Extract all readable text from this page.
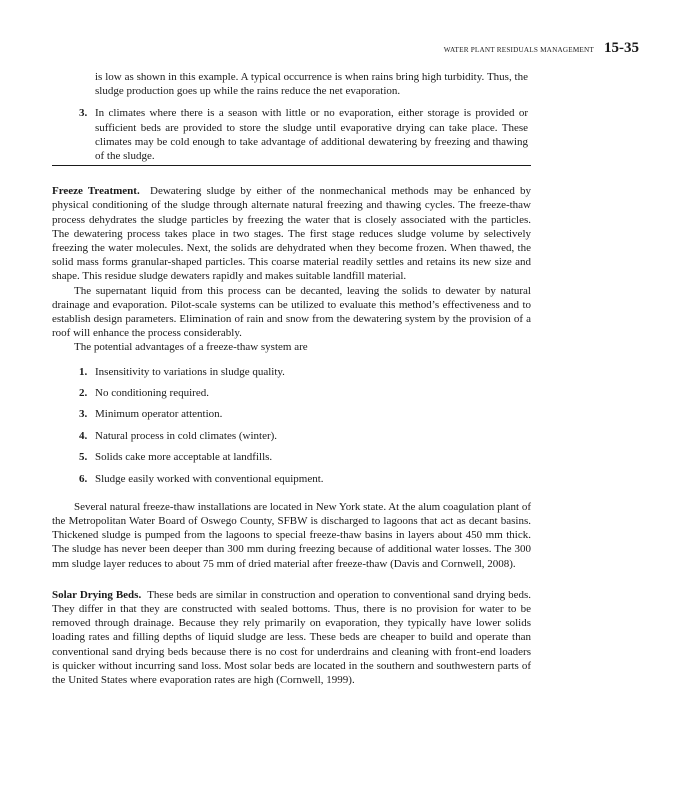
WATER PLANT RESIDUALS MANAGEMENT 15-35

is low as shown in this example. A typical occurrence is when rains bring high turbidity. Thus, the sludge production goes up while the rains reduce the net evaporation.

3. In climates where there is a season with little or no evaporation, either storage is provided or sufficient beds are provided to store the sludge until evaporative drying can take place. These climates may be cold enough to take advantage of additional dewatering by freezing and thawing of the sludge.

Freeze Treatment. Dewatering sludge by either of the nonmechanical methods may be enhanced by physical conditioning of the sludge through alternate natural freezing and thawing cycles. The freeze-thaw process dehydrates the sludge particles by freezing the water that is closely associated with the particles. The dewatering process takes place in two stages. The first stage reduces sludge volume by selectively freezing the water molecules. Next, the solids are dehydrated when they become frozen. When thawed, the solid mass forms granular-shaped particles. This coarse material readily settles and retains its new size and shape. This residue sludge dewaters rapidly and makes suitable landfill material.

The supernatant liquid from this process can be decanted, leaving the solids to dewater by natural drainage and evaporation. Pilot-scale systems can be utilized to evaluate this method’s effectiveness and to establish design parameters. Elimination of rain and snow from the dewatering system by the provision of a roof will enhance the process considerably.

The potential advantages of a freeze-thaw system are

1. Insensitivity to variations in sludge quality.
2. No conditioning required.
3. Minimum operator attention.
4. Natural process in cold climates (winter).
5. Solids cake more acceptable at landfills.
6. Sludge easily worked with conventional equipment.

Several natural freeze-thaw installations are located in New York state. At the alum coagulation plant of the Metropolitan Water Board of Oswego County, SFBW is discharged to lagoons that act as decant basins. Thickened sludge is pumped from the lagoons to special freeze-thaw basins in layers about 450 mm thick. The sludge has never been deeper than 300 mm during freezing because of additional water losses. The 300 mm sludge layer reduces to about 75 mm of dried material after freeze-thaw (Davis and Cornwell, 2008).

Solar Drying Beds. These beds are similar in construction and operation to conventional sand drying beds. They differ in that they are constructed with sealed bottoms. Thus, there is no provision for water to be removed through drainage. Because they rely primarily on evaporation, they typically have lower solids loading rates and filling depths of liquid sludge are less. These beds are cheaper to build and operate than conventional sand drying beds because there is no cost for underdrains and cleaning with front-end loaders is quicker without incurring sand loss. Most solar beds are located in the southern and southwestern parts of the United States where evaporation rates are high (Cornwell, 1999).
